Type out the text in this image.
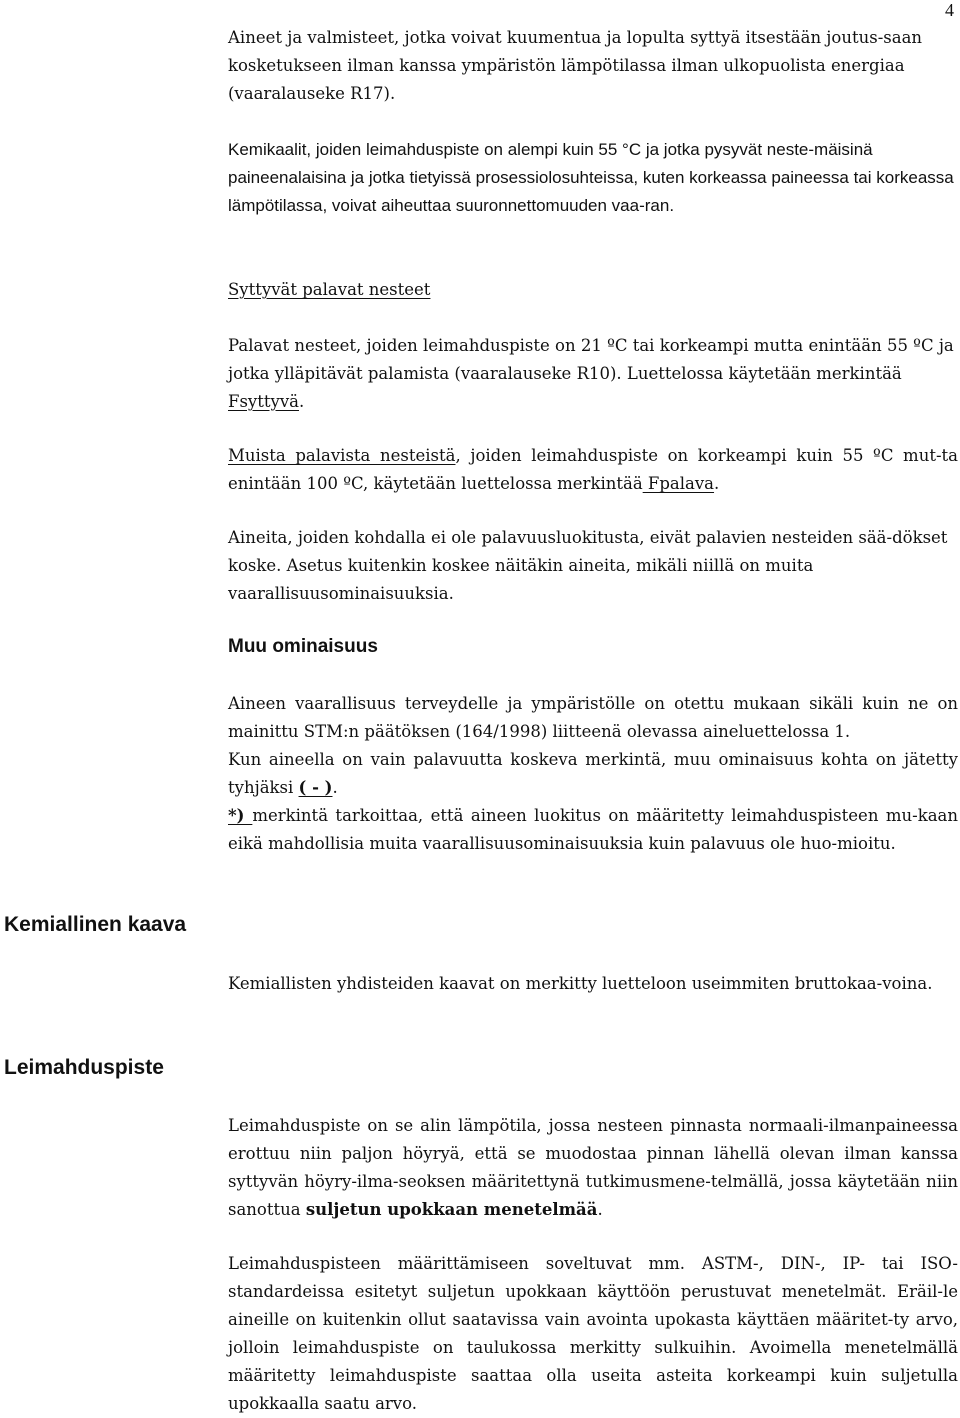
4

Aineet ja valmisteet, jotka voivat kuumentua ja lopulta syttyä itsestään joutus-saan kosketukseen ilman kanssa ympäristön lämpötilassa ilman ulkopuolista energiaa (vaaralauseke R17).

Kemikaalit, joiden leimahduspiste on alempi kuin 55 °C ja jotka pysyvät neste-mäisinä paineenalaisina ja jotka tietyissä prosessiolosuhteissa, kuten korkeassa paineessa tai korkeassa lämpötilassa, voivat aiheuttaa suuronnettomuuden vaa-ran.

Syttyvät palavat nesteet

Palavat nesteet, joiden leimahduspiste on 21 ºC tai korkeampi mutta enintään 55 ºC ja jotka ylläpitävät palamista (vaaralauseke R10). Luettelossa käytetään merkintää Fsyttyvä.

Muista palavista nesteistä, joiden leimahduspiste on korkeampi kuin 55 ºC mut-ta enintään 100 ºC, käytetään luettelossa merkintää Fpalava.

Aineita, joiden kohdalla ei ole palavuusluokitusta, eivät palavien nesteiden sää-dökset koske. Asetus kuitenkin koskee näitäkin aineita, mikäli niillä on muita vaarallisuusominaisuuksia.

Muu ominaisuus
Aineen vaarallisuus terveydelle ja ympäristölle on otettu mukaan sikäli kuin ne on mainittu STM:n päätöksen (164/1998) liitteenä olevassa aineluettelossa 1.
Kun aineella on vain palavuutta koskeva merkintä, muu ominaisuus kohta on jätetty tyhjäksi ( - ).
*) merkintä tarkoittaa, että aineen luokitus on määritetty leimahduspisteen mu-kaan eikä mahdollisia muita vaarallisuusominaisuuksia kuin palavuus ole huo-mioitu.
Kemiallinen kaava

Kemiallisten yhdisteiden kaavat on merkitty luetteloon useimmiten bruttokaa-voina.

Leimahduspiste

Leimahduspiste on se alin lämpötila, jossa nesteen pinnasta normaali-ilmanpaineessa erottuu niin paljon höyryä, että se muodostaa pinnan lähellä olevan ilman kanssa syttyvän höyry-ilma-seoksen määritettynä tutkimusmene-telmällä, jossa käytetään niin sanottua suljetun upokkaan menetelmää.

Leimahduspisteen määrittämiseen soveltuvat mm. ASTM-, DIN-, IP- tai ISO-standardeissa esitetyt suljetun upokkaan käyttöön perustuvat menetelmät. Eräil-le aineille on kuitenkin ollut saatavissa vain avointa upokasta käyttäen määritet-ty arvo, jolloin leimahduspiste on taulukossa merkitty sulkuihin. Avoimella menetelmällä määritetty leimahduspiste saattaa olla useita asteita korkeampi kuin suljetulla upokkaalla saatu arvo.
